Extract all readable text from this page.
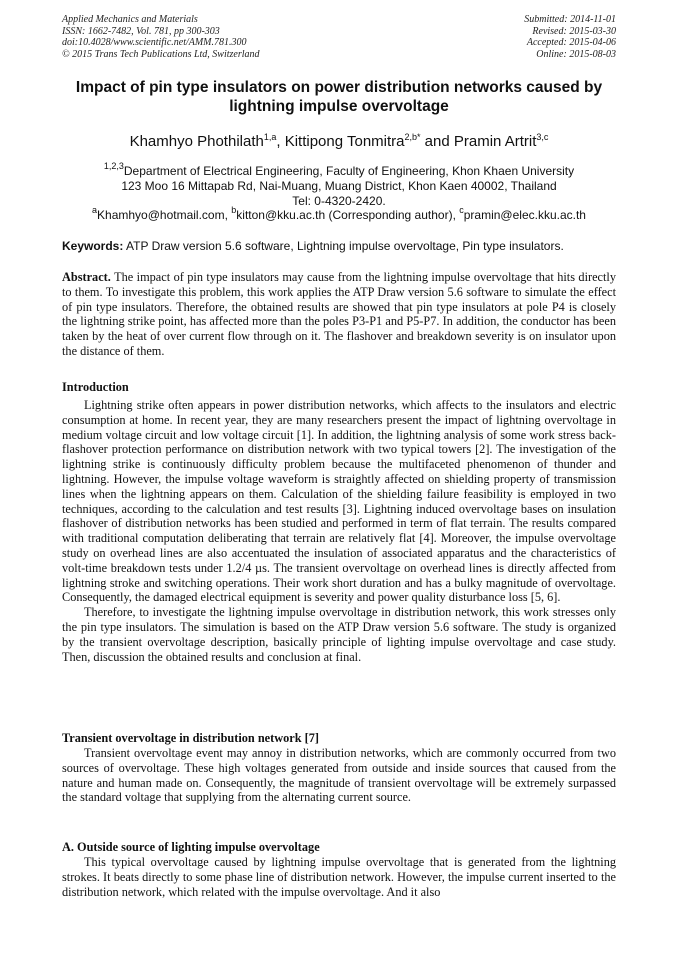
Applied Mechanics and Materials
ISSN: 1662-7482, Vol. 781, pp 300-303
doi:10.4028/www.scientific.net/AMM.781.300
© 2015 Trans Tech Publications Ltd, Switzerland
Submitted: 2014-11-01
Revised: 2015-03-30
Accepted: 2015-04-06
Online: 2015-08-03
Impact of pin type insulators on power distribution networks caused by
lightning impulse overvoltage
Khamhyo Phothilath$^{1,a}$, Kittipong Tonmitra$^{2,b*}$ and Pramin Artrit$^{3,c}$
$^{1,2,3}$Department of Electrical Engineering, Faculty of Engineering, Khon Khaen University
123 Moo 16 Mittapab Rd, Nai-Muang, Muang District, Khon Kaen 40002, Thailand
Tel: 0-4320-2420.
$^a$Khamhyo@hotmail.com, $^b$kitton@kku.ac.th (Corresponding author), $^c$pramin@elec.kku.ac.th
Keywords: ATP Draw version 5.6 software, Lightning impulse overvoltage, Pin type insulators.

Abstract. The impact of pin type insulators may cause from the lightning impulse overvoltage that hits directly to them. To investigate this problem, this work applies the ATP Draw version 5.6 software to simulate the effect of pin type insulators. Therefore, the obtained results are showed that pin type insulators at pole P4 is closely the lightning strike point, has affected more than the poles P3-P1 and P5-P7. In addition, the conductor has been taken by the heat of over current flow through on it. The flashover and breakdown severity is on insulator upon the distance of them.

Introduction

Lightning strike often appears in power distribution networks, which affects to the insulators and electric consumption at home. In recent year, they are many researchers present the impact of lightning overvoltage in medium voltage circuit and low voltage circuit [1]. In addition, the lightning analysis of some work stress back-flashover protection performance on distribution network with two typical towers [2]. The investigation of the lightning strike is continuously difficulty problem because the multifaceted phenomenon of thunder and lightning. However, the impulse voltage waveform is straightly affected on shielding property of transmission lines when the lightning appears on them. Calculation of the shielding failure feasibility is employed in two techniques, according to the calculation and test results [3]. Lightning induced overvoltage bases on insulation flashover of distribution networks has been studied and performed in term of flat terrain. The results compared with traditional computation deliberating that terrain are relatively flat [4]. Moreover, the impulse overvoltage study on overhead lines are also accentuated the insulation of associated apparatus and the characteristics of volt-time breakdown tests under 1.2/4 µs. The transient overvoltage on overhead lines is directly affected from lightning stroke and switching operations. Their work short duration and has a bulky magnitude of overvoltage. Consequently, the damaged electrical equipment is severity and power quality disturbance loss [5, 6].

Therefore, to investigate the lightning impulse overvoltage in distribution network, this work stresses only the pin type insulators. The simulation is based on the ATP Draw version 5.6 software. The study is organized by the transient overvoltage description, basically principle of lighting impulse overvoltage and case study. Then, discussion the obtained results and conclusion at final.

Transient overvoltage in distribution network [7]

Transient overvoltage event may annoy in distribution networks, which are commonly occurred from two sources of overvoltage. These high voltages generated from outside and inside sources that caused from the nature and human made on. Consequently, the magnitude of transient overvoltage will be extremely surpassed the standard voltage that supplying from the alternating current source.

A. Outside source of lighting impulse overvoltage

This typical overvoltage caused by lightning impulse overvoltage that is generated from the lightning strokes. It beats directly to some phase line of distribution network. However, the impulse current inserted to the distribution network, which related with the impulse overvoltage. And it also
